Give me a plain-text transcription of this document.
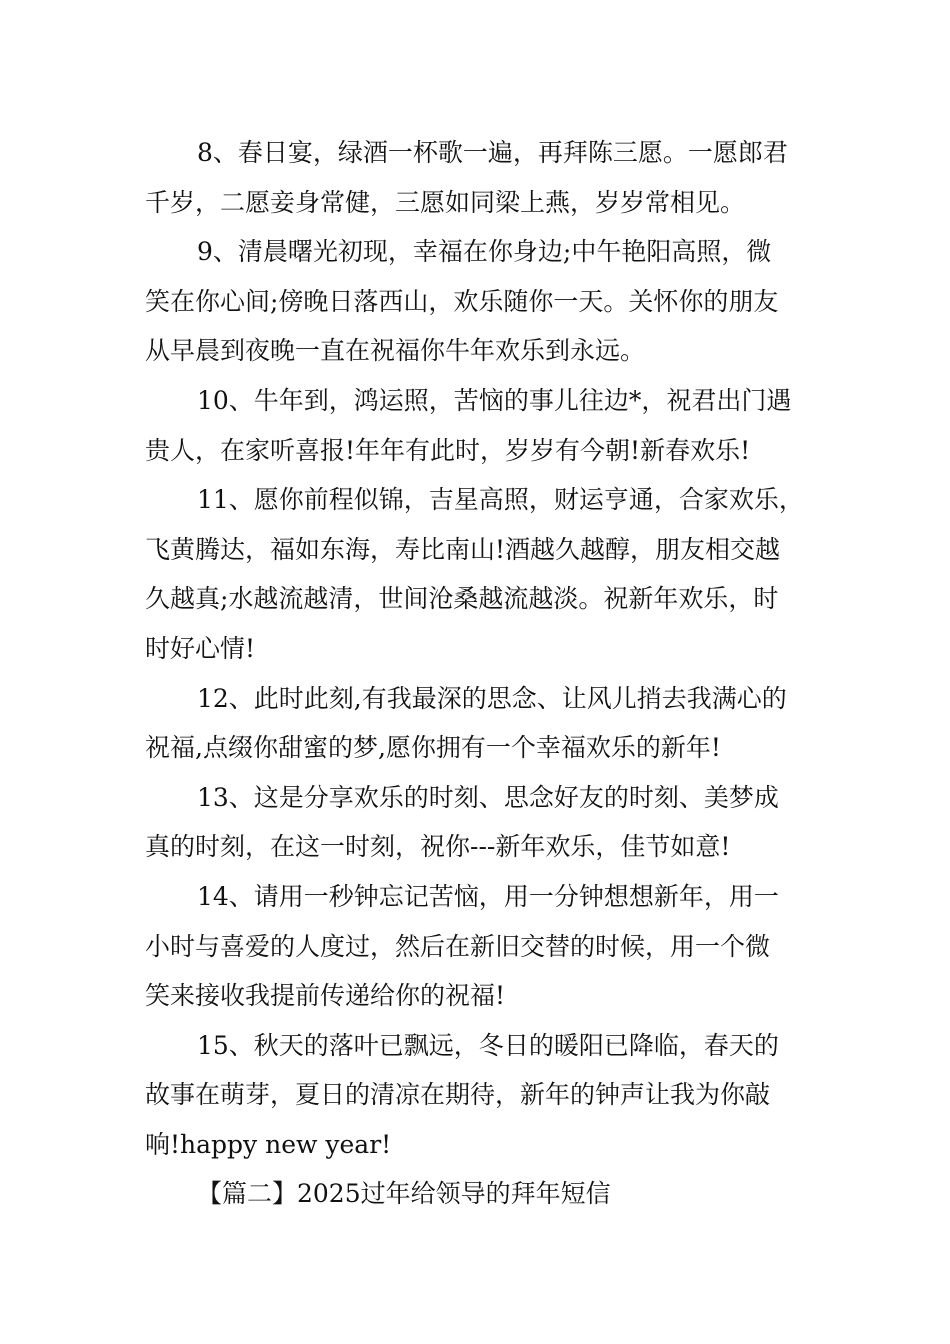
8、春日宴，绿酒一杯歌一遍，再拜陈三愿。一愿郎君
千岁，二愿妾身常健，三愿如同梁上燕，岁岁常相见。
9、清晨曙光初现，幸福在你身边;中午艳阳高照，微
笑在你心间;傍晚日落西山，欢乐随你一天。关怀你的朋友
从早晨到夜晚一直在祝福你牛年欢乐到永远。
10、牛年到，鸿运照，苦恼的事儿往边*，祝君出门遇
贵人，在家听喜报!年年有此时，岁岁有今朝!新春欢乐!
11、愿你前程似锦，吉星高照，财运亨通，合家欢乐，
飞黄腾达，福如东海，寿比南山!酒越久越醇，朋友相交越
久越真;水越流越清，世间沧桑越流越淡。祝新年欢乐，时
时好心情!
12、此时此刻,有我最深的思念、让风儿捎去我满心的
祝福,点缀你甜蜜的梦,愿你拥有一个幸福欢乐的新年!
13、这是分享欢乐的时刻、思念好友的时刻、美梦成
真的时刻，在这一时刻，祝你---新年欢乐，佳节如意!
14、请用一秒钟忘记苦恼，用一分钟想想新年，用一
小时与喜爱的人度过，然后在新旧交替的时候，用一个微
笑来接收我提前传递给你的祝福!
15、秋天的落叶已飘远，冬日的暖阳已降临，春天的
故事在萌芽，夏日的清凉在期待，新年的钟声让我为你敲
响!happy new year!
【篇二】2025过年给领导的拜年短信
